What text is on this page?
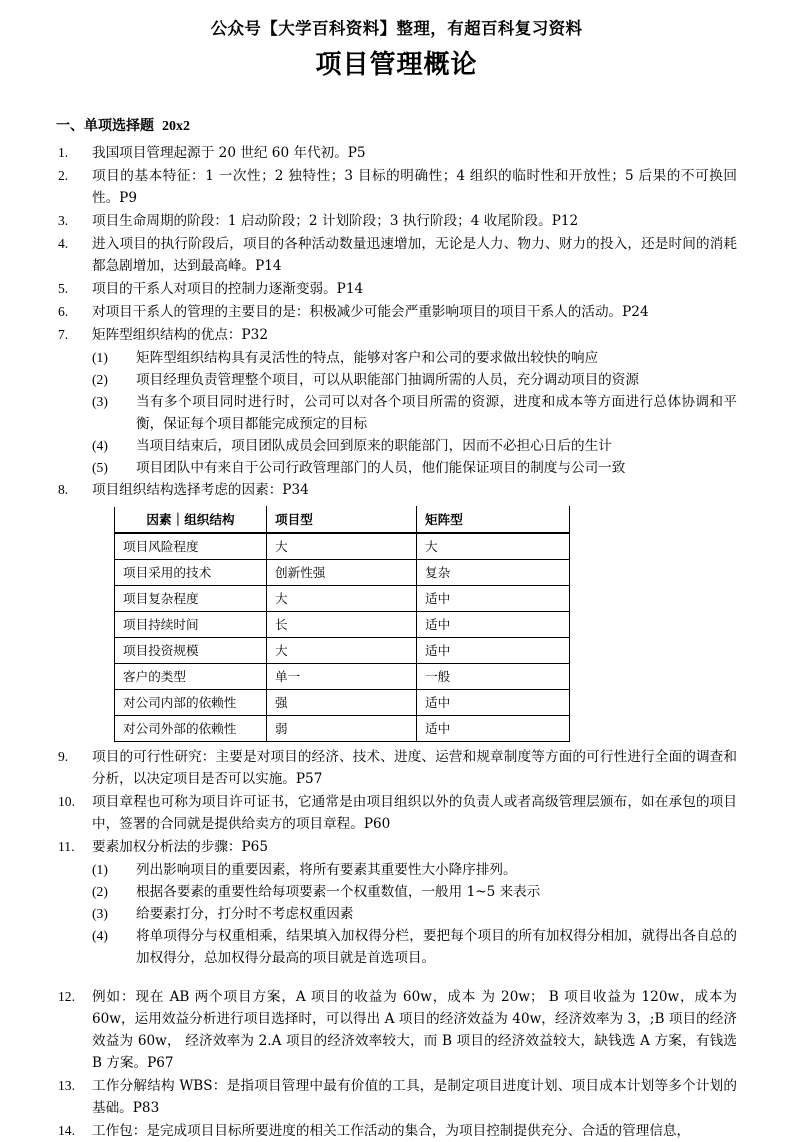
公众号【大学百科资料】整理，有超百科复习资料
项目管理概论
一、单项选择题 20x2
1.	我国项目管理起源于 20 世纪 60 年代初。P5
2.	项目的基本特征：1 一次性；2 独特性；3 目标的明确性；4 组织的临时性和开放性；5 后果的不可换回性。P9
3.	项目生命周期的阶段：1 启动阶段；2 计划阶段；3 执行阶段；4 收尾阶段。P12
4.	进入项目的执行阶段后，项目的各种活动数量迅速增加，无论是人力、物力、财力的投入，还是时间的消耗都急剧增加，达到最高峰。P14
5.	项目的干系人对项目的控制力逐渐变弱。P14
6.	对项目干系人的管理的主要目的是：积极减少可能会严重影响项目的项目干系人的活动。P24
7.	矩阵型组织结构的优点：P32
(1)	矩阵型组织结构具有灵活性的特点，能够对客户和公司的要求做出较快的响应
(2)	项目经理负责管理整个项目，可以从职能部门抽调所需的人员，充分调动项目的资源
(3)	当有多个项目同时进行时，公司可以对各个项目所需的资源，进度和成本等方面进行总体协调和平衡，保证每个项目都能完成预定的目标
(4)	当项目结束后，项目团队成员会回到原来的职能部门，因而不必担心日后的生计
(5)	项目团队中有来自于公司行政管理部门的人员，他们能保证项目的制度与公司一致
8.	项目组织结构选择考虑的因素：P34
因素｜组织结构	项目型	矩阵型
项目风险程度	大	大
项目采用的技术	创新性强	复杂
项目复杂程度	大	适中
项目持续时间	长	适中
项目投资规模	大	适中
客户的类型	单一	一般
对公司内部的依赖性	强	适中
对公司外部的依赖性	弱	适中
9.	项目的可行性研究：主要是对项目的经济、技术、进度、运营和规章制度等方面的可行性进行全面的调查和分析，以决定项目是否可以实施。P57
10.	项目章程也可称为项目许可证书，它通常是由项目组织以外的负责人或者高级管理层颁布，如在承包的项目中，签署的合同就是提供给卖方的项目章程。P60
11.	要素加权分析法的步骤：P65
(1)	列出影响项目的重要因素，将所有要素其重要性大小降序排列。
(2)	根据各要素的重要性给每项要素一个权重数值，一般用 1~5 来表示
(3)	给要素打分，打分时不考虑权重因素
(4)	将单项得分与权重相乘，结果填入加权得分栏，要把每个项目的所有加权得分相加，就得出各自总的加权得分，总加权得分最高的项目就是首选项目。
12.	例如：现在 AB 两个项目方案，A 项目的收益为 60w，成本 为 20w； B 项目收益为 120w，成本为 60w，运用效益分析进行项目选择时，可以得出 A 项目的经济效益为 40w，经济效率为 3，;B 项目的经济效益为 60w， 经济效率为 2.A 项目的经济效率较大，而 B 项目的经济效益较大，缺钱选 A 方案，有钱选 B 方案。P67
13.	工作分解结构 WBS：是指项目管理中最有价值的工具，是制定项目进度计划、项目成本计划等多个计划的基础。P83
14.	工作包：是完成项目目标所要进度的相关工作活动的集合，为项目控制提供充分、合适的管理信息，
